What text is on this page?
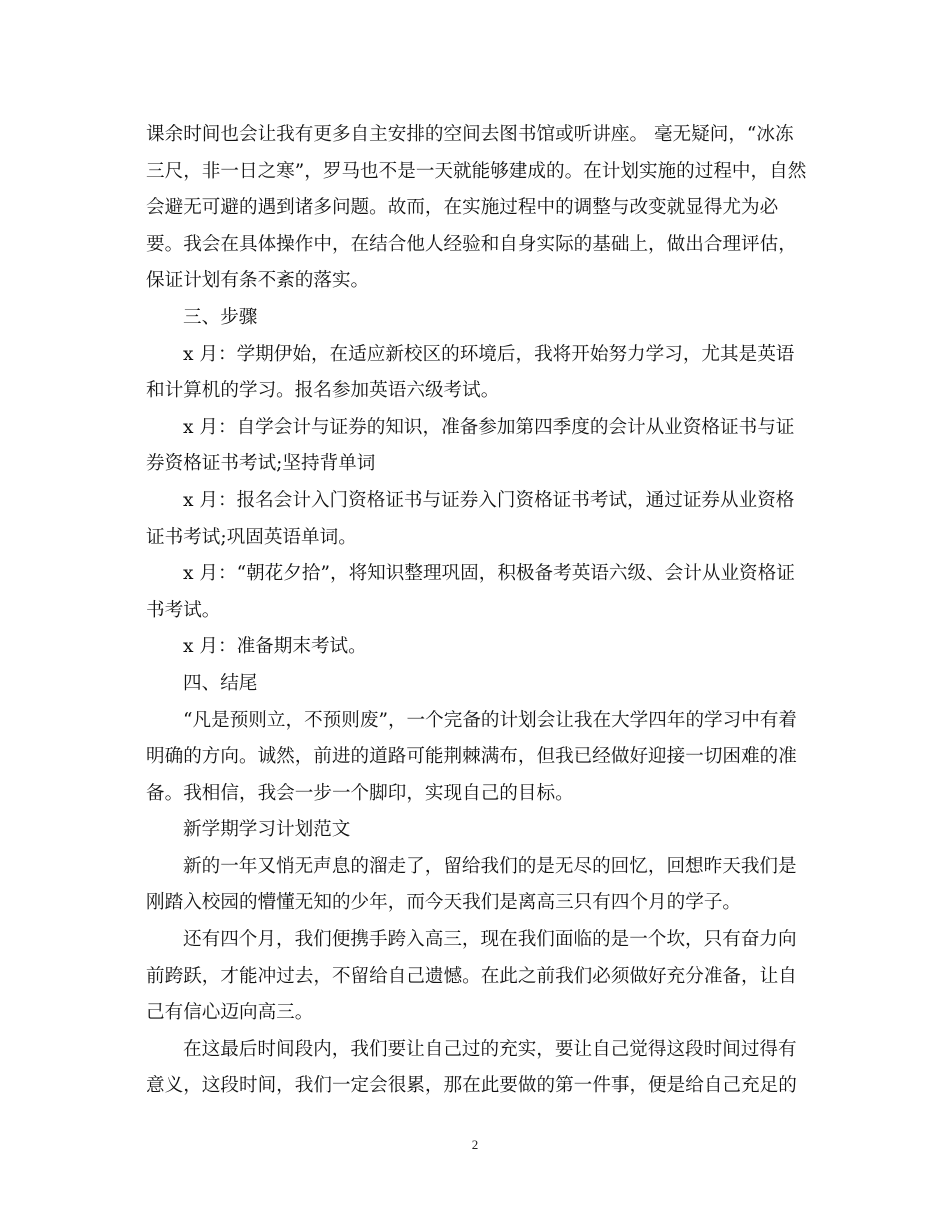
课余时间也会让我有更多自主安排的空间去图书馆或听讲座。 毫无疑问，“冰冻
三尺，非一日之寒”，罗马也不是一天就能够建成的。在计划实施的过程中，自然
会避无可避的遇到诸多问题。故而，在实施过程中的调整与改变就显得尤为必
要。我会在具体操作中，在结合他人经验和自身实际的基础上，做出合理评估，
保证计划有条不紊的落实。
三、步骤
x 月：学期伊始，在适应新校区的环境后，我将开始努力学习，尤其是英语
和计算机的学习。报名参加英语六级考试。
x 月：自学会计与证券的知识，准备参加第四季度的会计从业资格证书与证
券资格证书考试;坚持背单词
x 月：报名会计入门资格证书与证券入门资格证书考试，通过证券从业资格
证书考试;巩固英语单词。
x 月：“朝花夕拾”，将知识整理巩固，积极备考英语六级、会计从业资格证
书考试。
x 月：准备期末考试。
四、结尾
“凡是预则立，不预则废”，一个完备的计划会让我在大学四年的学习中有着
明确的方向。诚然，前进的道路可能荆棘满布，但我已经做好迎接一切困难的准
备。我相信，我会一步一个脚印，实现自己的目标。
新学期学习计划范文
新的一年又悄无声息的溜走了，留给我们的是无尽的回忆，回想昨天我们是
刚踏入校园的懵懂无知的少年，而今天我们是离高三只有四个月的学子。
还有四个月，我们便携手跨入高三，现在我们面临的是一个坎，只有奋力向
前跨跃，才能冲过去，不留给自己遗憾。在此之前我们必须做好充分准备，让自
己有信心迈向高三。
在这最后时间段内，我们要让自己过的充实，要让自己觉得这段时间过得有
意义，这段时间，我们一定会很累，那在此要做的第一件事，便是给自己充足的
2
